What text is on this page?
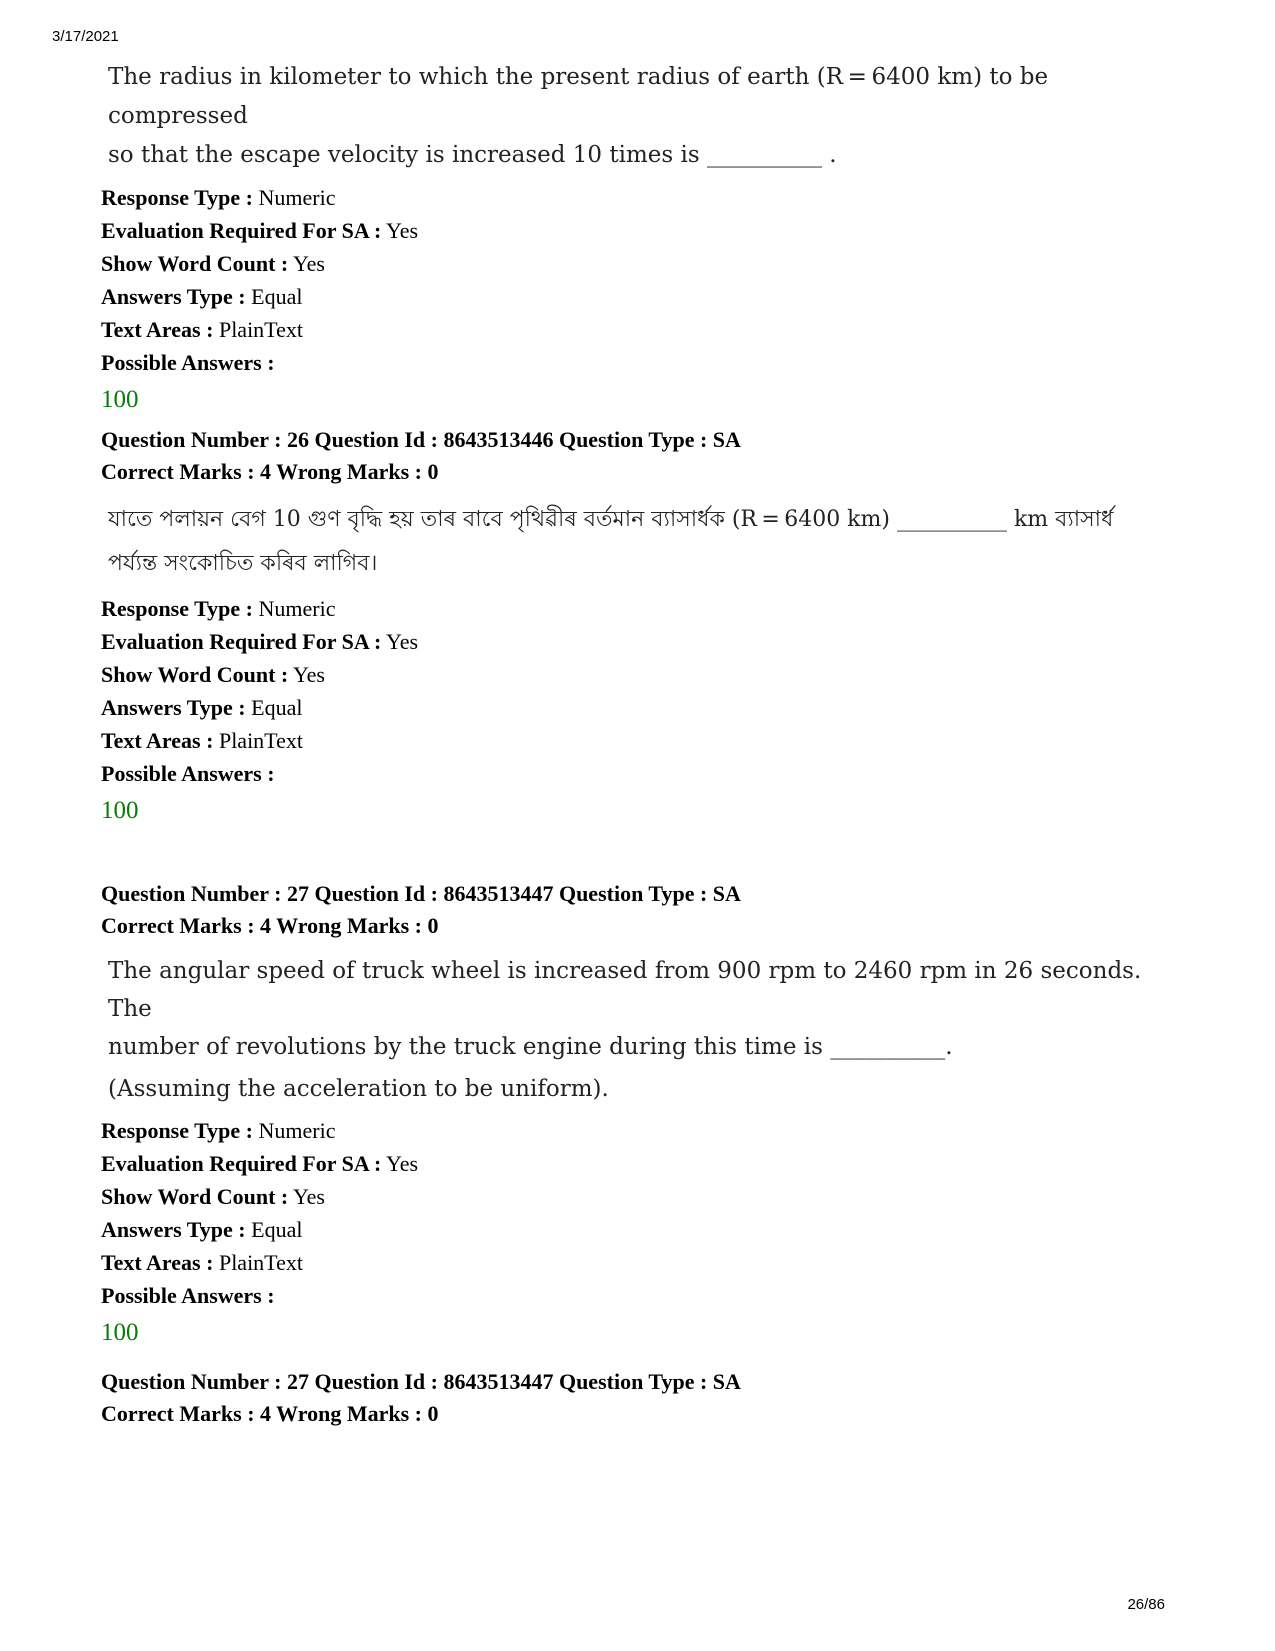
3/17/2021

The radius in kilometer to which the present radius of earth (R = 6400 km) to be compressed

so that the escape velocity is increased 10 times is __________ .

Response Type : Numeric
Evaluation Required For SA : Yes
Show Word Count : Yes
Answers Type : Equal
Text Areas : PlainText
Possible Answers :
100
Question Number : 26 Question Id : 8643513446 Question Type : SA
Correct Marks : 4 Wrong Marks : 0

যাতে পলায়ন বেগ 10 গুণ বৃদ্ধি হয় তাৰ বাবে পৃথিৱীৰ বৰ্তমান ব্যাসাৰ্ধক (R = 6400 km) __________ km ব্যাসাৰ্ধ

পৰ্য্যন্ত সংকোচিত কৰিব লাগিব।

Response Type : Numeric
Evaluation Required For SA : Yes
Show Word Count : Yes
Answers Type : Equal
Text Areas : PlainText
Possible Answers :
100
Question Number : 27 Question Id : 8643513447 Question Type : SA
Correct Marks : 4 Wrong Marks : 0

The angular speed of truck wheel is increased from 900 rpm to 2460 rpm in 26 seconds. The

number of revolutions by the truck engine during this time is __________.

(Assuming the acceleration to be uniform).

Response Type : Numeric
Evaluation Required For SA : Yes
Show Word Count : Yes
Answers Type : Equal
Text Areas : PlainText
Possible Answers :
100
Question Number : 27 Question Id : 8643513447 Question Type : SA
Correct Marks : 4 Wrong Marks : 0
26/86
